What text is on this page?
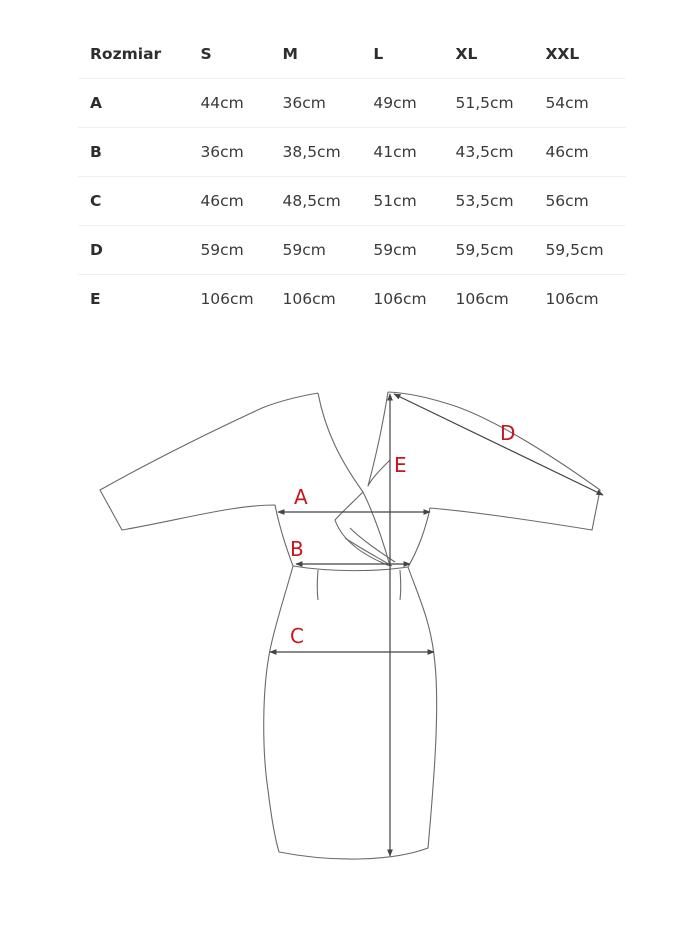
Rozmiar	S	M	L	XL	XXL
A	44cm	36cm	49cm	51,5cm	54cm
B	36cm	38,5cm	41cm	43,5cm	46cm
C	46cm	48,5cm	51cm	53,5cm	56cm
D	59cm	59cm	59cm	59,5cm	59,5cm
E	106cm	106cm	106cm	106cm	106cm
A
B
C
D
E
